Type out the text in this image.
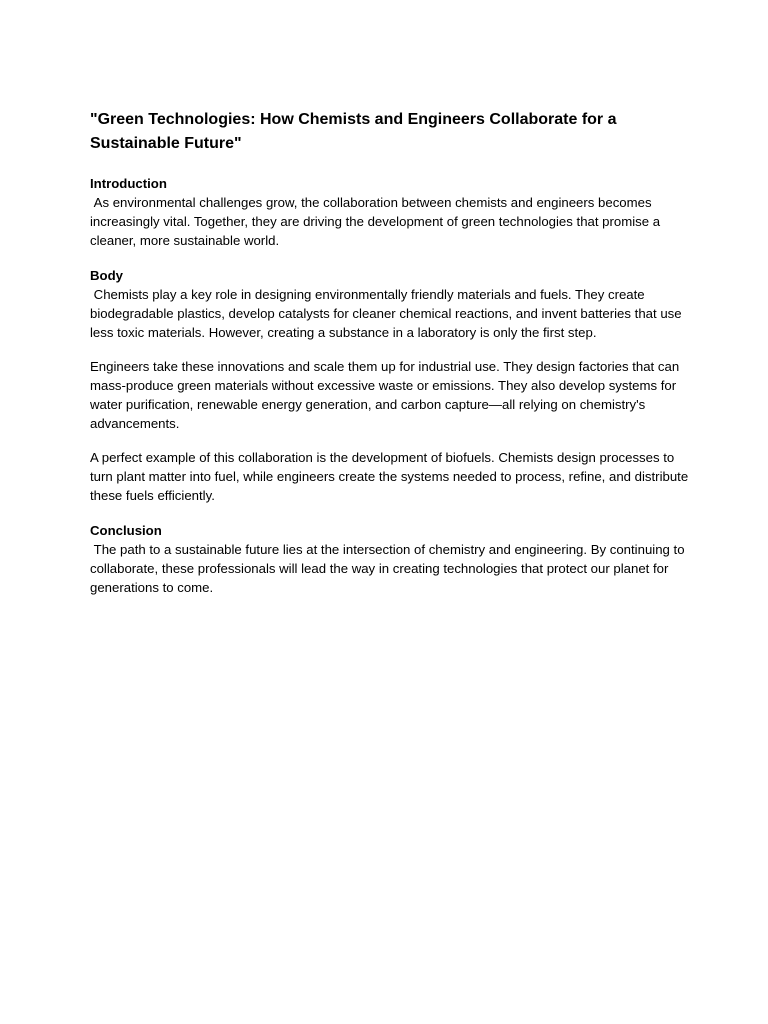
"Green Technologies: How Chemists and Engineers Collaborate for a Sustainable Future"
Introduction

As environmental challenges grow, the collaboration between chemists and engineers becomes increasingly vital. Together, they are driving the development of green technologies that promise a cleaner, more sustainable world.

Body

Chemists play a key role in designing environmentally friendly materials and fuels. They create biodegradable plastics, develop catalysts for cleaner chemical reactions, and invent batteries that use less toxic materials. However, creating a substance in a laboratory is only the first step.

Engineers take these innovations and scale them up for industrial use. They design factories that can mass-produce green materials without excessive waste or emissions. They also develop systems for water purification, renewable energy generation, and carbon capture—all relying on chemistry's advancements.

A perfect example of this collaboration is the development of biofuels. Chemists design processes to turn plant matter into fuel, while engineers create the systems needed to process, refine, and distribute these fuels efficiently.

Conclusion

The path to a sustainable future lies at the intersection of chemistry and engineering. By continuing to collaborate, these professionals will lead the way in creating technologies that protect our planet for generations to come.
